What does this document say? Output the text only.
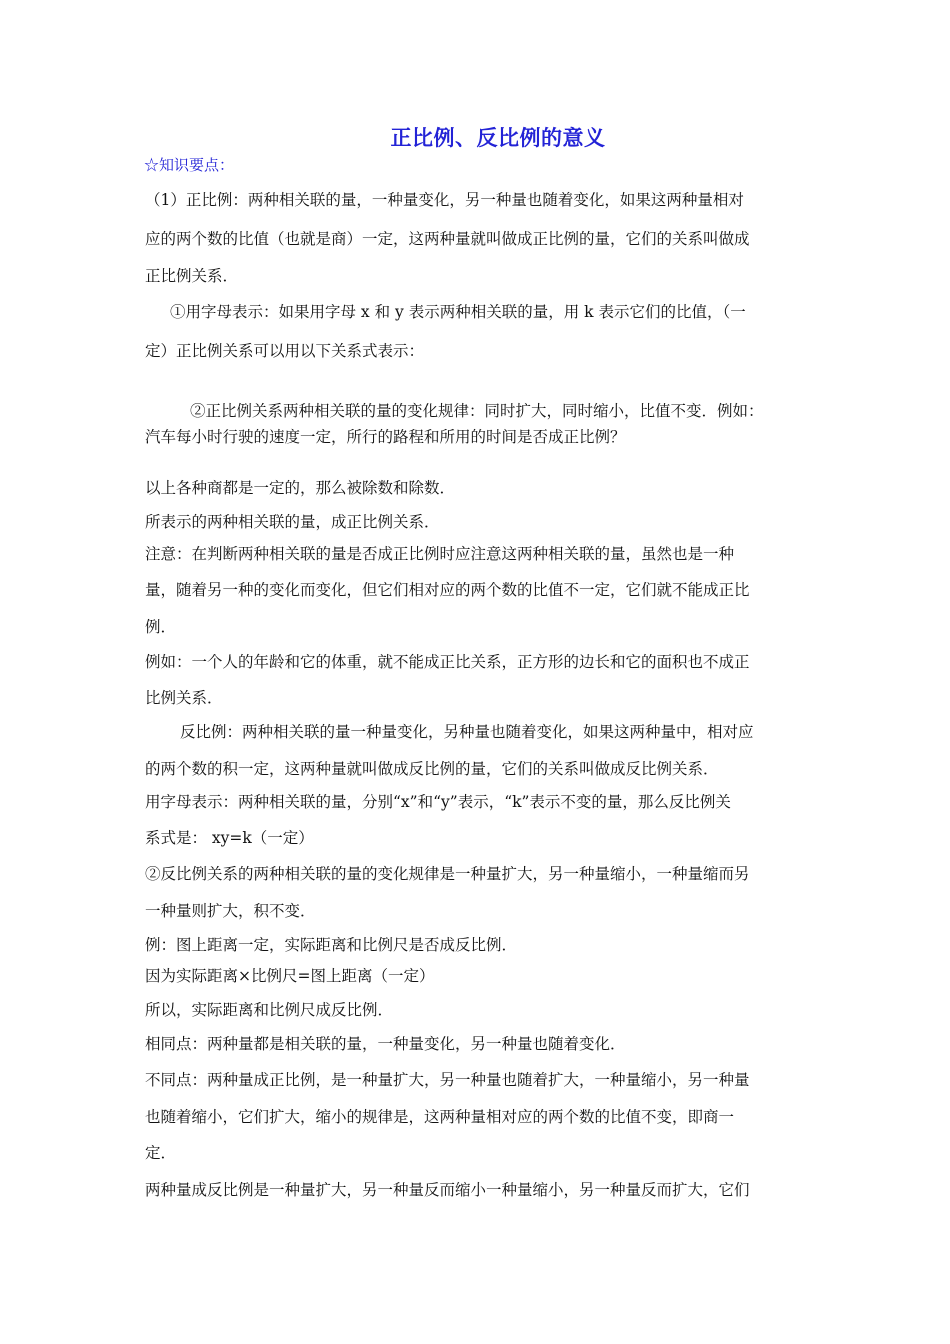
正比例、反比例的意义
☆知识要点：
（1）正比例：两种相关联的量，一种量变化，另一种量也随着变化，如果这两种量相对
应的两个数的比值（也就是商）一定，这两种量就叫做成正比例的量，它们的关系叫做成
正比例关系．
①用字母表示：如果用字母 x 和 y 表示两种相关联的量，用 k 表示它们的比值，（一
定）正比例关系可以用以下关系式表示：
②正比例关系两种相关联的量的变化规律：同时扩大，同时缩小，比值不变．例如：
汽车每小时行驶的速度一定，所行的路程和所用的时间是否成正比例？
以上各种商都是一定的，那么被除数和除数．
所表示的两种相关联的量，成正比例关系．
注意：在判断两种相关联的量是否成正比例时应注意这两种相关联的量，虽然也是一种
量，随着另一种的变化而变化，但它们相对应的两个数的比值不一定，它们就不能成正比
例．
例如：一个人的年龄和它的体重，就不能成正比关系，正方形的边长和它的面积也不成正
比例关系．
反比例：两种相关联的量一种量变化，另种量也随着变化，如果这两种量中，相对应
的两个数的积一定，这两种量就叫做成反比例的量，它们的关系叫做成反比例关系．
用字母表示：两种相关联的量，分别“x”和“y”表示，“k”表示不变的量，那么反比例关
系式是： xy=k（一定）
②反比例关系的两种相关联的量的变化规律是一种量扩大，另一种量缩小，一种量缩而另
一种量则扩大，积不变．
例：图上距离一定，实际距离和比例尺是否成反比例．
因为实际距离×比例尺=图上距离（一定）
所以，实际距离和比例尺成反比例．
相同点：两种量都是相关联的量，一种量变化，另一种量也随着变化．
不同点：两种量成正比例，是一种量扩大，另一种量也随着扩大，一种量缩小，另一种量
也随着缩小，它们扩大，缩小的规律是，这两种量相对应的两个数的比值不变，即商一
定．
两种量成反比例是一种量扩大，另一种量反而缩小一种量缩小，另一种量反而扩大，它们
